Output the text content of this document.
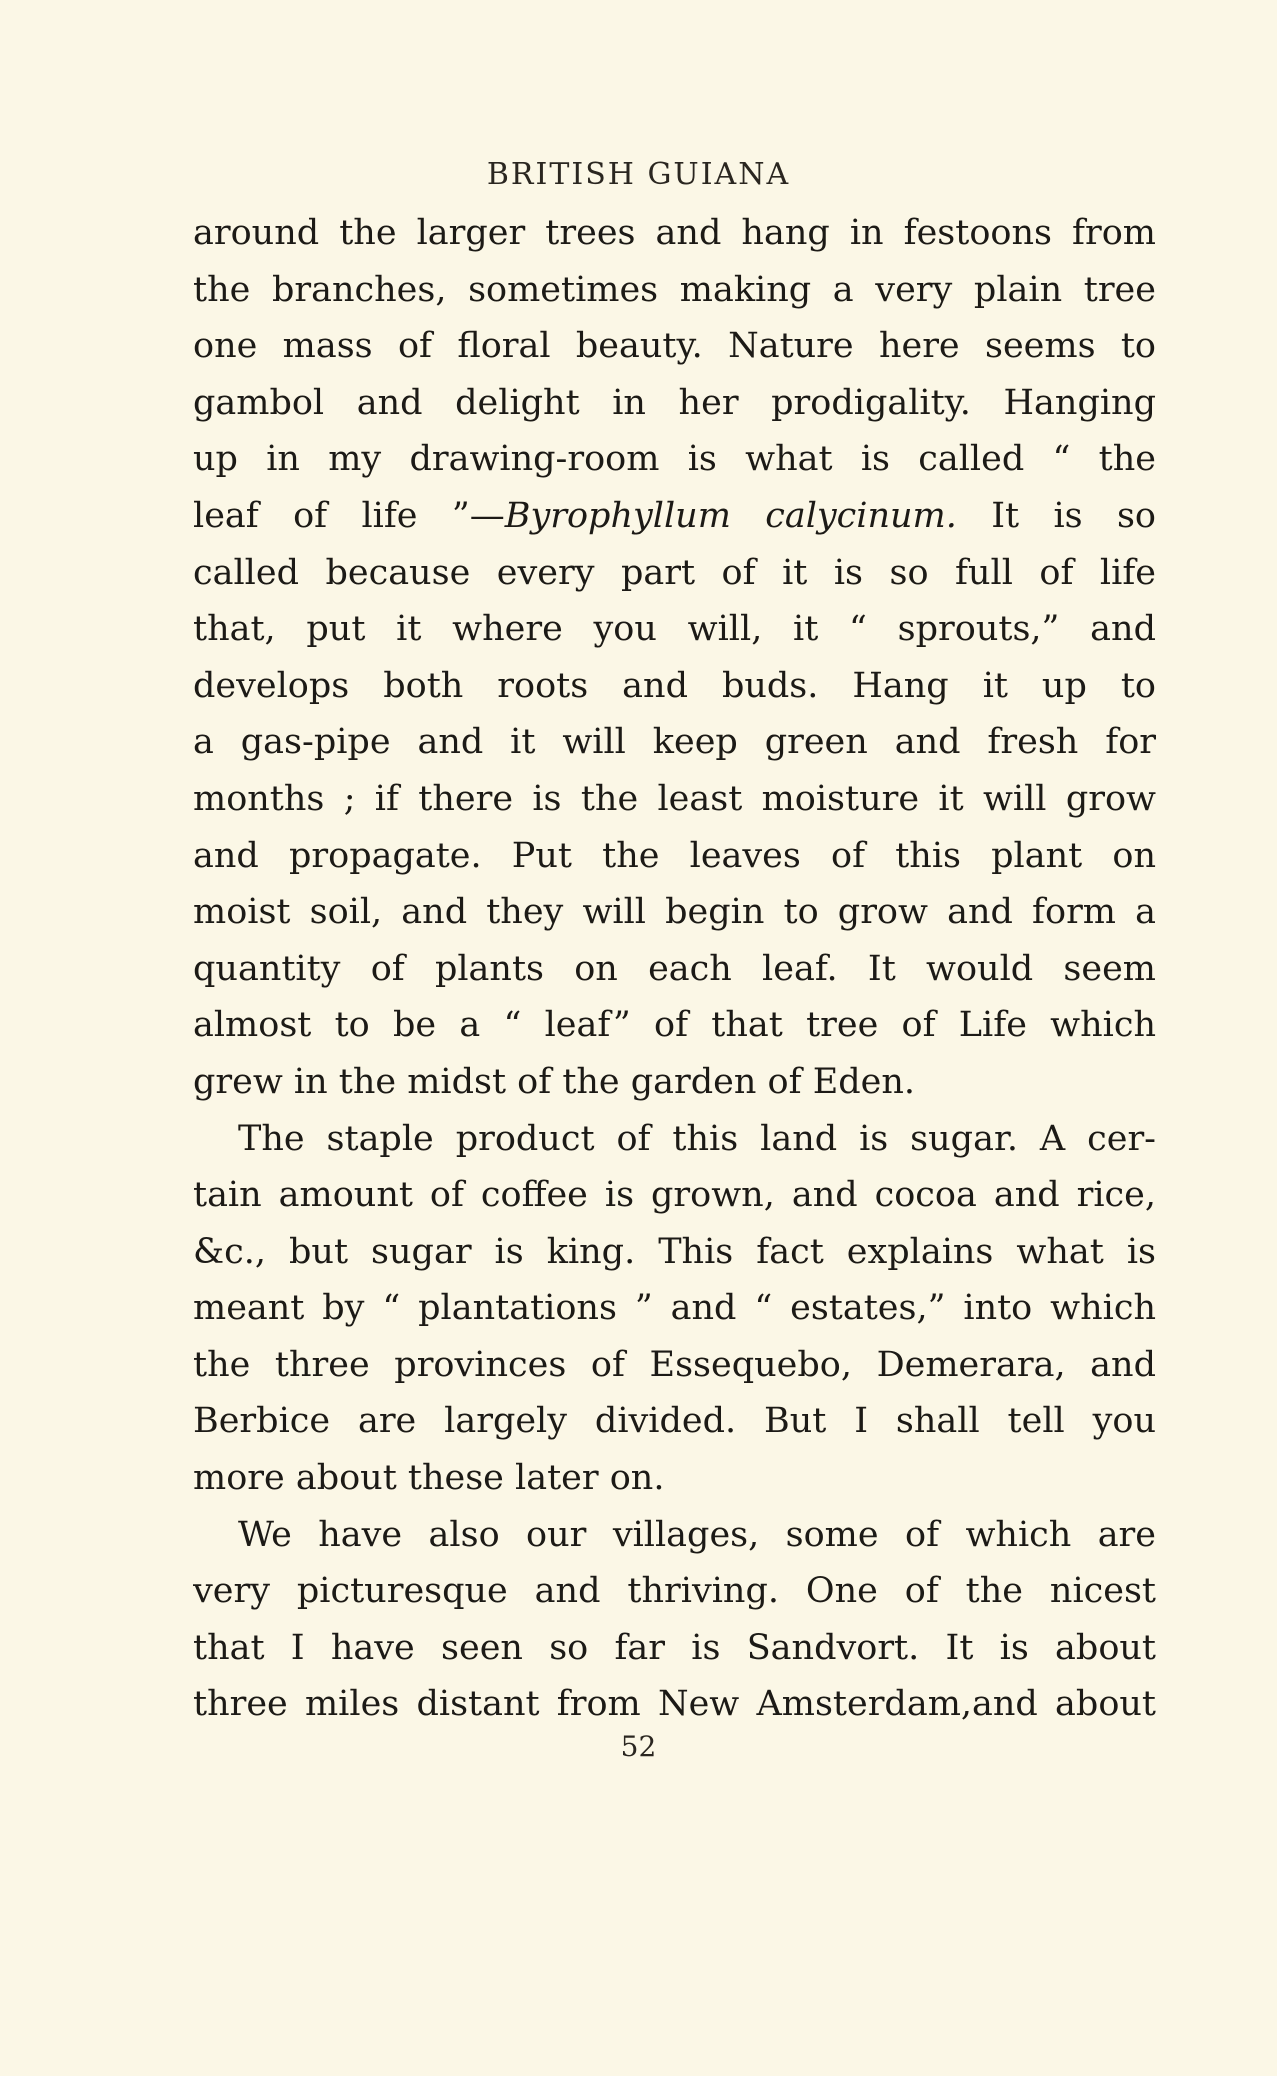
BRITISH GUIANA
around the larger trees and hang in festoons from
the branches, sometimes making a very plain tree
one mass of floral beauty. Nature here seems to
gambol and delight in her prodigality. Hanging
up in my drawing-room is what is called “ the
leaf of life ”—Byrophyllum calycinum. It is so
called because every part of it is so full of life
that, put it where you will, it “ sprouts,” and
develops both roots and buds. Hang it up to
a gas-pipe and it will keep green and fresh for
months ; if there is the least moisture it will grow
and propagate. Put the leaves of this plant on
moist soil, and they will begin to grow and form a
quantity of plants on each leaf. It would seem
almost to be a “ leaf” of that tree of Life which
grew in the midst of the garden of Eden.
The staple product of this land is sugar. A cer-
tain amount of coffee is grown, and cocoa and rice,
&c., but sugar is king. This fact explains what is
meant by “ plantations ” and “ estates,” into which
the three provinces of Essequebo, Demerara, and
Berbice are largely divided. But I shall tell you
more about these later on.
We have also our villages, some of which are
very picturesque and thriving. One of the nicest
that I have seen so far is Sandvort. It is about
three miles distant from New Amsterdam,and about
52
